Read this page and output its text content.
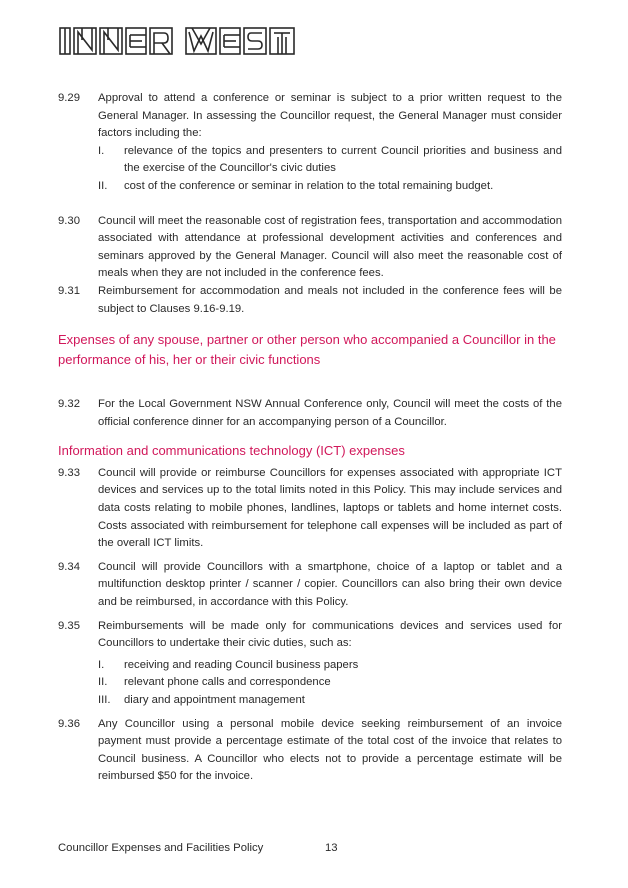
9.29	Approval to attend a conference or seminar is subject to a prior written request to the General Manager. In assessing the Councillor request, the General Manager must consider factors including the:
I.	relevance of the topics and presenters to current Council priorities and business and the exercise of the Councillor's civic duties
II.	cost of the conference or seminar in relation to the total remaining budget.
9.30	Council will meet the reasonable cost of registration fees, transportation and accommodation associated with attendance at professional development activities and conferences and seminars approved by the General Manager. Council will also meet the reasonable cost of meals when they are not included in the conference fees.
9.31	Reimbursement for accommodation and meals not included in the conference fees will be subject to Clauses 9.16-9.19.
Expenses of any spouse, partner or other person who accompanied a Councillor in the performance of his, her or their civic functions
9.32	For the Local Government NSW Annual Conference only, Council will meet the costs of the official conference dinner for an accompanying person of a Councillor.
Information and communications technology (ICT) expenses
9.33	Council will provide or reimburse Councillors for expenses associated with appropriate ICT devices and services up to the total limits noted in this Policy. This may include services and data costs relating to mobile phones, landlines, laptops or tablets and home internet costs. Costs associated with reimbursement for telephone call expenses will be included as part of the overall ICT limits.
9.34	Council will provide Councillors with a smartphone, choice of a laptop or tablet and a multifunction desktop printer / scanner / copier. Councillors can also bring their own device and be reimbursed, in accordance with this Policy.
9.35	Reimbursements will be made only for communications devices and services used for Councillors to undertake their civic duties, such as:
I.	receiving and reading Council business papers
II.	relevant phone calls and correspondence
III.	diary and appointment management
9.36	Any Councillor using a personal mobile device seeking reimbursement of an invoice payment must provide a percentage estimate of the total cost of the invoice that relates to Council business. A Councillor who elects not to provide a percentage estimate will be reimbursed $50 for the invoice.
Councillor Expenses and Facilities Policy	13
